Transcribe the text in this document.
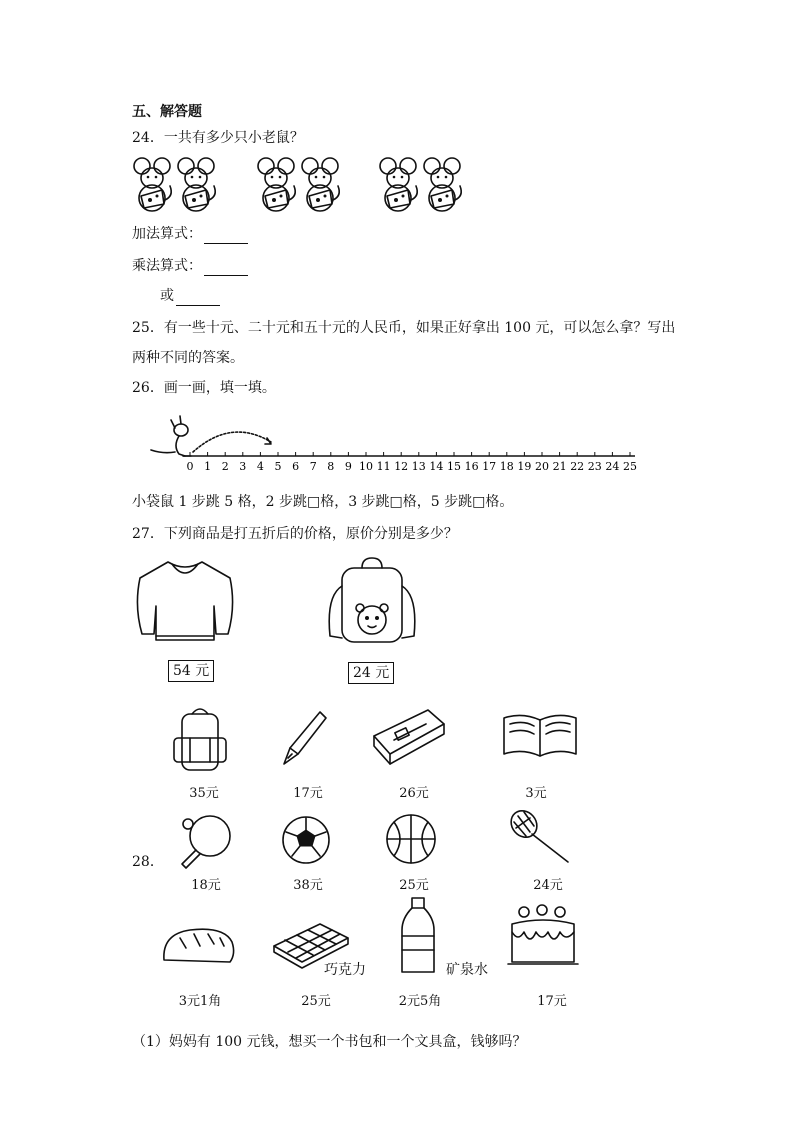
五、解答题
24．一共有多少只小老鼠？
加法算式：
乘法算式：
或
25．有一些十元、二十元和五十元的人民币，如果正好拿出 100 元，可以怎么拿？写出
两种不同的答案。
26．画一画，填一填。
0 1 2 3 4 5 6 7 8 9 10 11 12 13 14 15 16 17 18 19 20 21 22 23 24 25
小袋鼠 1 步跳 5 格，2 步跳□格，3 步跳□格，5 步跳□格。
27．下列商品是打五折后的价格，原价分别是多少？
54 元	24 元
35元	17元	26元	3元
28．
18元	38元	25元	24元
巧克力	矿泉水
3元1角	25元	2元5角	17元
（1）妈妈有 100 元钱，想买一个书包和一个文具盒，钱够吗？
